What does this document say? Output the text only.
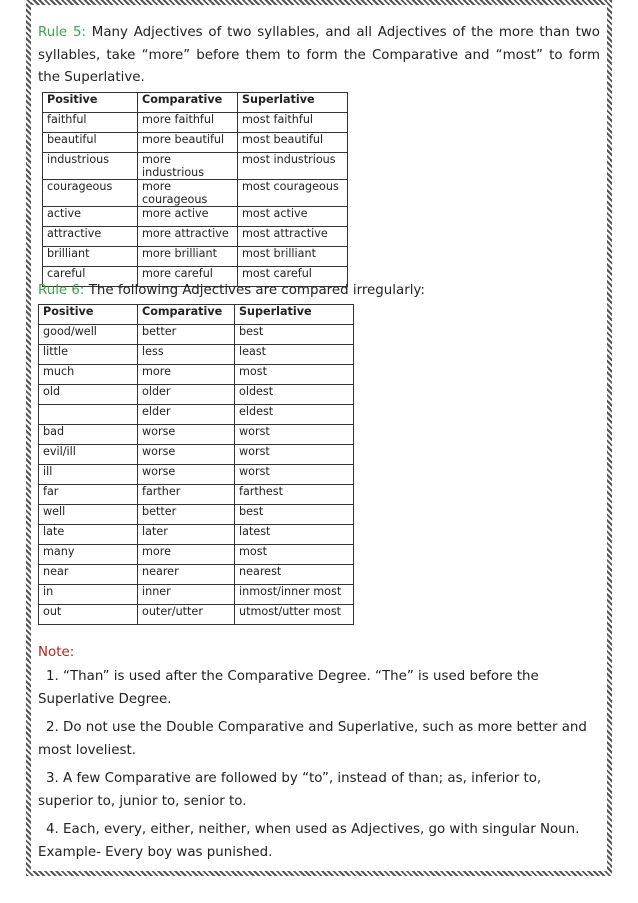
Rule 5: Many Adjectives of two syllables, and all Adjectives of the more than two syllables, take “more” before them to form the Comparative and “most” to form the Superlative.

Positive	Comparative	Superlative
faithful	more faithful	most faithful
beautiful	more beautiful	most beautiful
industrious	more industrious	most industrious
courageous	more courageous	most courageous
active	more active	most active
attractive	more attractive	most attractive
brilliant	more brilliant	most brilliant
careful	more careful	most careful

Rule 6: The following Adjectives are compared irregularly:

Positive	Comparative	Superlative
good/well	better	best
little	less	least
much	more	most
old	older	oldest
	elder	eldest
bad	worse	worst
evil/ill	worse	worst
ill	worse	worst
far	farther	farthest
well	better	best
late	later	latest
many	more	most
near	nearer	nearest
in	inner	inmost/inner most
out	outer/utter	utmost/utter most

Note:

1. “Than” is used after the Comparative Degree. “The” is used before the Superlative Degree.

2. Do not use the Double Comparative and Superlative, such as more better and most loveliest.

3. A few Comparative are followed by “to”, instead of than; as, inferior to, superior to, junior to, senior to.

4. Each, every, either, neither, when used as Adjectives, go with singular Noun. Example- Every boy was punished.
